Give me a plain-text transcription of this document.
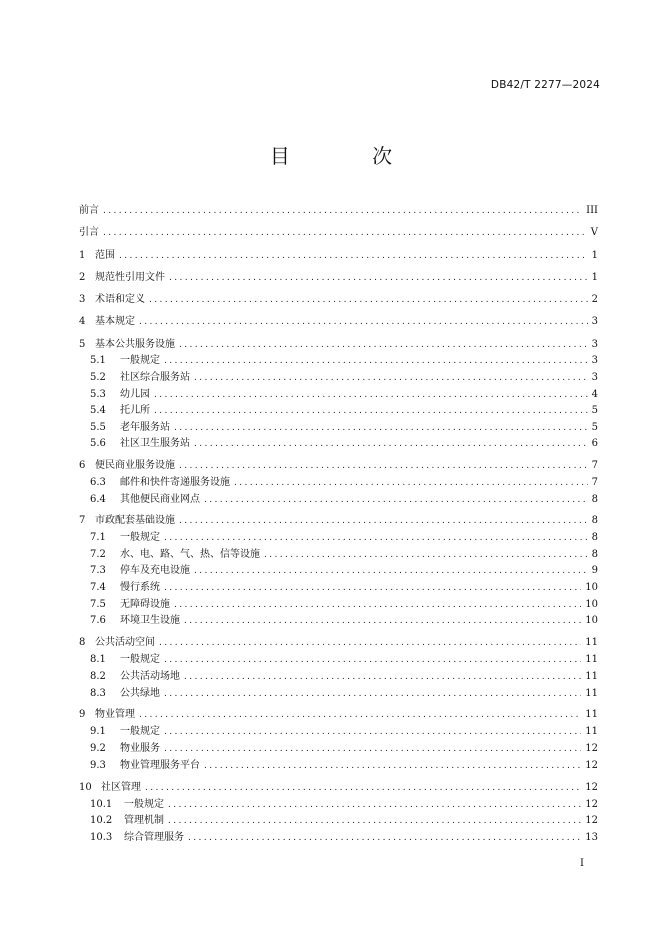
DB42/T 2277—2024
目 次
前言 .....	III
引言 .....	V
1 范围 .....	1
2 规范性引用文件 .....	1
3 术语和定义 .....	2
4 基本规定 .....	3
5 基本公共服务设施 .....	3
5.1	一般规定 .....	3
5.2	社区综合服务站 .....	3
5.3	幼儿园 .....	4
5.4	托儿所 .....	5
5.5	老年服务站 .....	5
5.6	社区卫生服务站 .....	6
6 便民商业服务设施 .....	7
6.3	邮件和快件寄递服务设施 .....	7
6.4	其他便民商业网点 .....	8
7 市政配套基础设施 .....	8
7.1	一般规定 .....	8
7.2	水、电、路、气、热、信等设施 .....	8
7.3	停车及充电设施 .....	9
7.4	慢行系统 .....	10
7.5	无障碍设施 .....	10
7.6	环境卫生设施 .....	10
8 公共活动空间 .....	11
8.1	一般规定 .....	11
8.2	公共活动场地 .....	11
8.3	公共绿地 .....	11
9 物业管理 .....	11
9.1	一般规定 .....	11
9.2	物业服务 .....	12
9.3	物业管理服务平台 .....	12
10 社区管理 .....	12
10.1	一般规定 .....	12
10.2	管理机制 .....	12
10.3	综合管理服务 .....	13
I
